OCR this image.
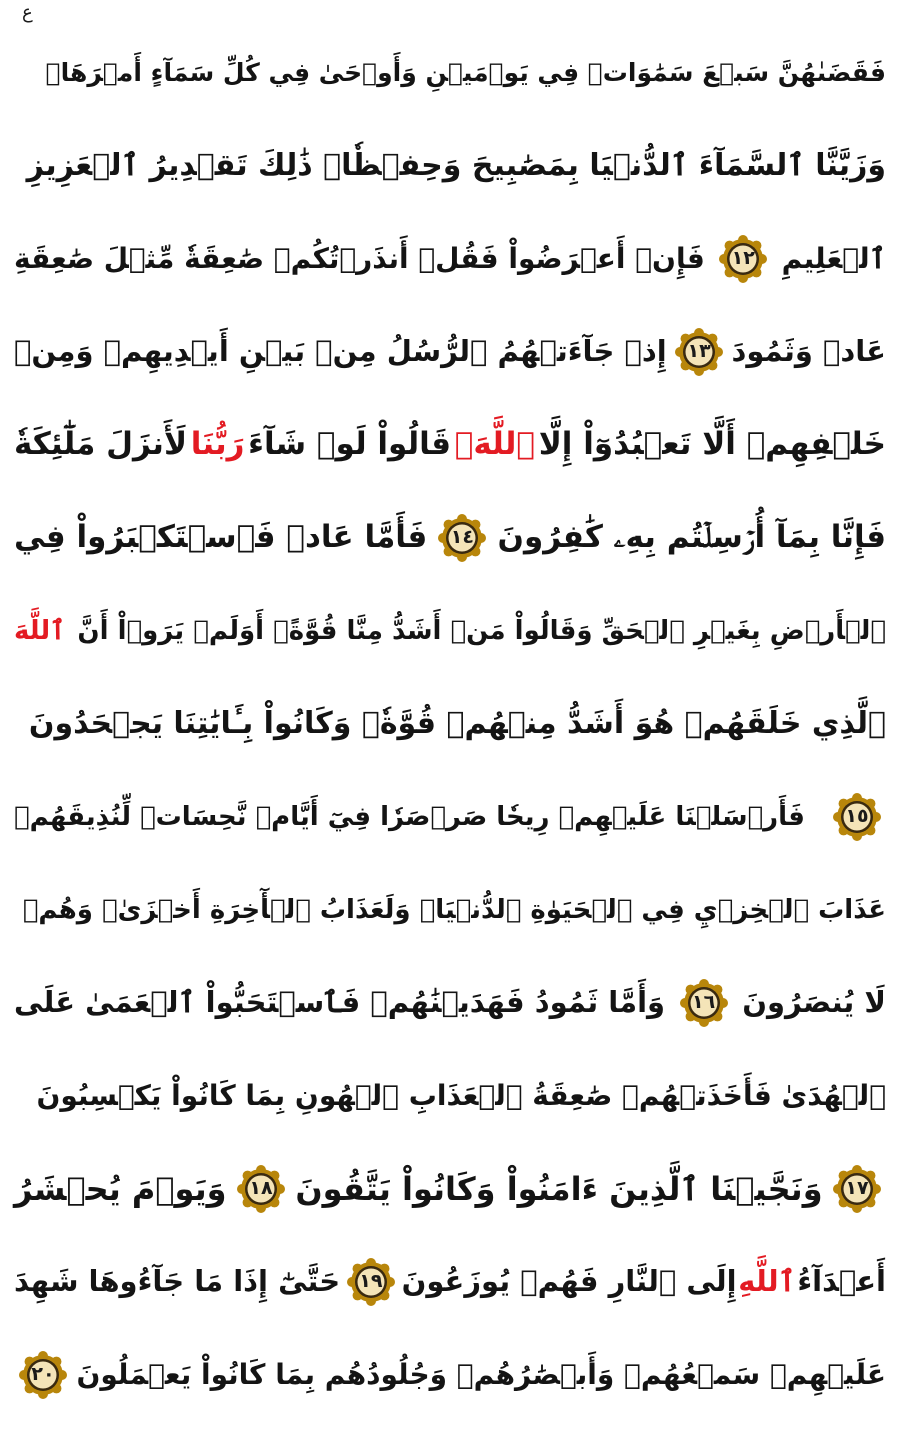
ع
فَقَضَىٰهُنَّ سَبۡعَ سَمَٰوَاتٖ فِي يَوۡمَيۡنِ وَأَوۡحَىٰ فِي كُلِّ سَمَآءٍ أَمۡرَهَاۚ
وَزَيَّنَّا ٱلسَّمَآءَ ٱلدُّنۡيَا بِمَصَٰبِيحَ وَحِفۡظٗاۚ ذَٰلِكَ تَقۡدِيرُ ٱلۡعَزِيزِ
ٱلۡعَلِيمِ
١٢
فَإِنۡ أَعۡرَضُواْ فَقُلۡ أَنذَرۡتُكُمۡ صَٰعِقَةٗ مِّثۡلَ صَٰعِقَةِ
عَادٖ وَثَمُودَ
١٣
إِذۡ جَآءَتۡهُمُ ٱلرُّسُلُ مِنۢ بَيۡنِ أَيۡدِيهِمۡ وَمِنۡ
خَلۡفِهِمۡ أَلَّا تَعۡبُدُوٓاْ إِلَّا
ٱللَّهَۖ
قَالُواْ لَوۡ شَآءَ
رَبُّنَا
لَأَنزَلَ مَلَٰٓئِكَةٗ
فَإِنَّا بِمَآ أُرۡسِلۡتُم بِهِۦ كَٰفِرُونَ
١٤
فَأَمَّا عَادٞ فَٱسۡتَكۡبَرُواْ فِي
ٱلۡأَرۡضِ بِغَيۡرِ ٱلۡحَقِّ وَقَالُواْ مَنۡ أَشَدُّ مِنَّا قُوَّةًۖ أَوَلَمۡ يَرَوۡاْ أَنَّ
ٱللَّهَ
ٱلَّذِي خَلَقَهُمۡ هُوَ أَشَدُّ مِنۡهُمۡ قُوَّةٗۖ وَكَانُواْ بِـَٔايَٰتِنَا يَجۡحَدُونَ
١٥
فَأَرۡسَلۡنَا عَلَيۡهِمۡ رِيحٗا صَرۡصَرٗا فِيٓ أَيَّامٖ نَّحِسَاتٖ لِّنُذِيقَهُمۡ
عَذَابَ ٱلۡخِزۡيِ فِي ٱلۡحَيَوٰةِ ٱلدُّنۡيَاۖ وَلَعَذَابُ ٱلۡأٓخِرَةِ أَخۡزَىٰۖ وَهُمۡ
لَا يُنصَرُونَ
١٦
وَأَمَّا ثَمُودُ فَهَدَيۡنَٰهُمۡ فَٱسۡتَحَبُّواْ ٱلۡعَمَىٰ عَلَى
ٱلۡهُدَىٰ فَأَخَذَتۡهُمۡ صَٰعِقَةُ ٱلۡعَذَابِ ٱلۡهُونِ بِمَا كَانُواْ يَكۡسِبُونَ
١٧
وَنَجَّيۡنَا ٱلَّذِينَ ءَامَنُواْ وَكَانُواْ يَتَّقُونَ
١٨
وَيَوۡمَ يُحۡشَرُ
أَعۡدَآءُ
ٱللَّهِ
إِلَى ٱلنَّارِ فَهُمۡ يُوزَعُونَ
١٩
حَتَّىٰٓ إِذَا مَا جَآءُوهَا شَهِدَ
عَلَيۡهِمۡ سَمۡعُهُمۡ وَأَبۡصَٰرُهُمۡ وَجُلُودُهُم بِمَا كَانُواْ يَعۡمَلُونَ
٢٠
